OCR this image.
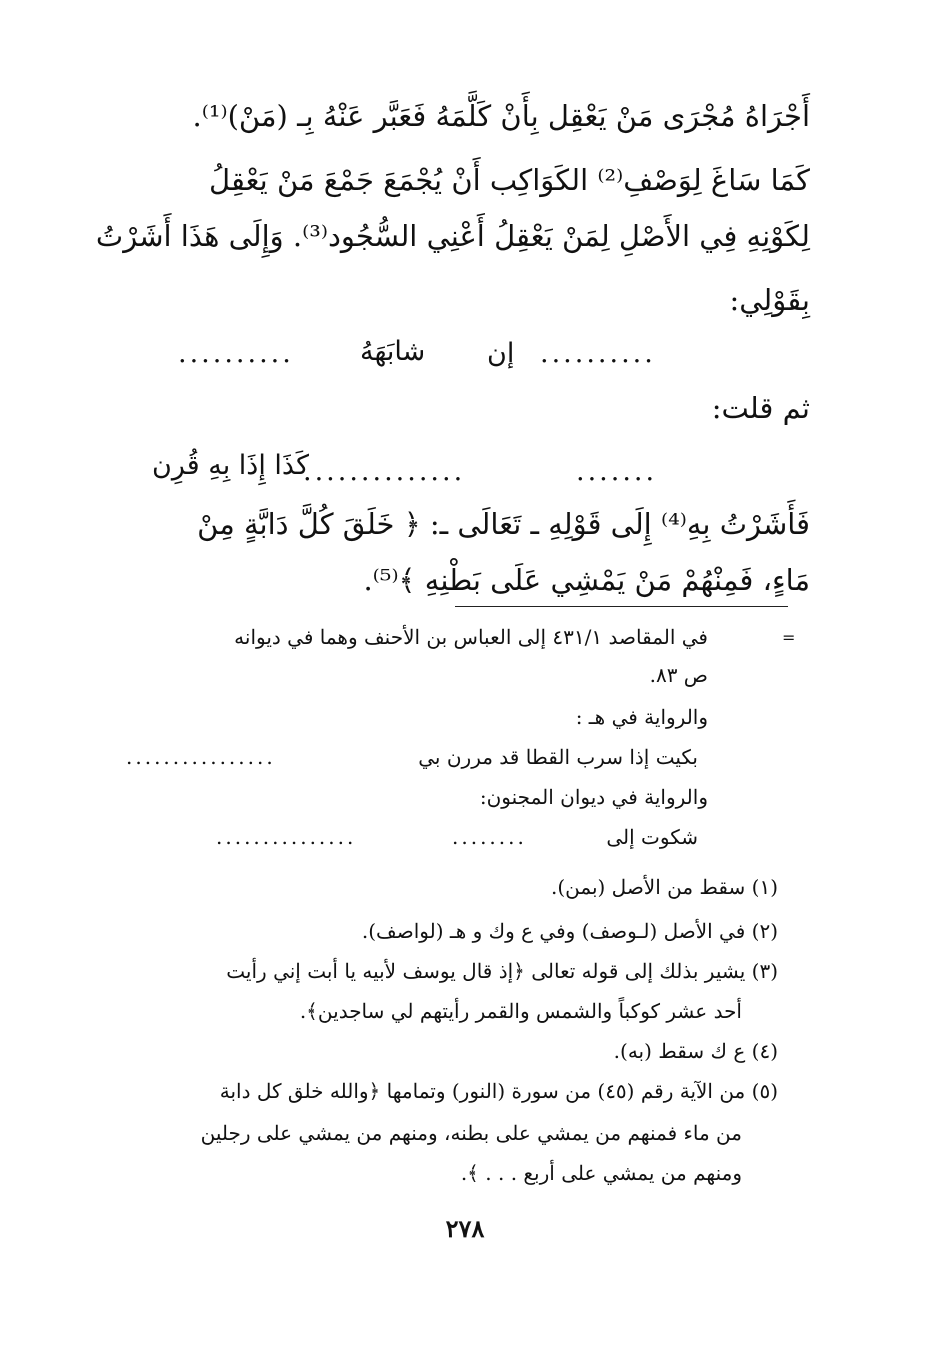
أَجْرَاهُ مُجْرَى مَنْ يَعْقِل بِأَنْ كَلَّمَهُ فَعَبَّر عَنْهُ بِـ (مَنْ)⁽¹⁾.
كَمَا سَاغَ لِوَصْفِ⁽²⁾ الكَوَاكِب أَنْ يُجْمَعَ جَمْعَ مَنْ يَعْقِلُ
لِكَوْنِهِ فِي الأَصْلِ لِمَنْ يَعْقِلُ أَعْنِي السُّجُود⁽³⁾. وَإِلَى هَذَا أَشَرْتُ
بِقَوْلِي:
شابَهَهُ إن ..........
..........
ثم قلت:
.......
..............
كَذَا إِذَا بِهِ قُرِن
فَأَشَرْتُ بِهِ⁽⁴⁾ إِلَى قَوْلِهِ ـ تَعَالَى ـ: ﴿ خَلَقَ كُلَّ دَابَّةٍ مِنْ
مَاءٍ، فَمِنْهُمْ مَنْ يَمْشِي عَلَى بَطْنِهِ ﴾⁽⁵⁾.
=
في المقاصد ٤٣١/١ إلى العباس بن الأحنف وهما في ديوانه
ص ٨٣.
والرواية في هـ :
بكيت إذا سرب القطا قد مررن بي
................
والرواية في ديوان المجنون:
شكوت إلى
........
...............
(١) سقط من الأصل (بمن).
(٢) في الأصل (لـوصف) وفي ع وك و هـ (لواصف).
(٣) يشير بذلك إلى قوله تعالى ﴿إذ قال يوسف لأبيه يا أبت إني رأيت
أحد عشر كوكباً والشمس والقمر رأيتهم لي ساجدين﴾.
(٤) ع ك سقط (به).
(٥) من الآية رقم (٤٥) من سورة (النور) وتمامها ﴿والله خلق كل دابة
من ماء فمنهم من يمشي على بطنه، ومنهم من يمشي على رجلين
ومنهم من يمشي على أربع . . . ﴾.
٢٧٨
